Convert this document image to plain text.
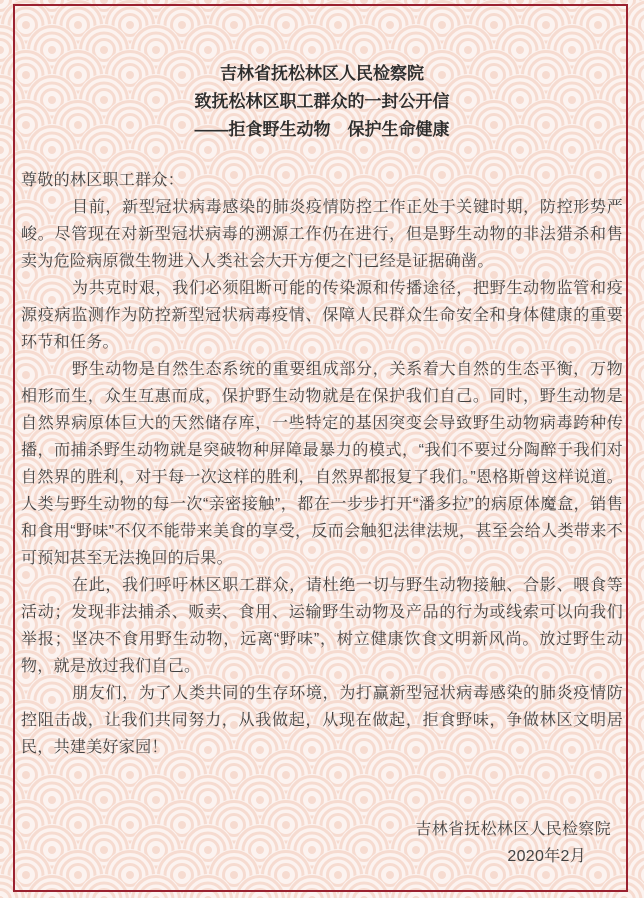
吉林省抚松林区人民检察院
致抚松林区职工群众的一封公开信
——拒食野生动物　保护生命健康

尊敬的林区职工群众：

目前，新型冠状病毒感染的肺炎疫情防控工作正处于关键时期，防控形势严峻。尽管现在对新型冠状病毒的溯源工作仍在进行，但是野生动物的非法猎杀和售卖为危险病原微生物进入人类社会大开方便之门已经是证据确凿。

为共克时艰，我们必须阻断可能的传染源和传播途径，把野生动物监管和疫源疫病监测作为防控新型冠状病毒疫情、保障人民群众生命安全和身体健康的重要环节和任务。

野生动物是自然生态系统的重要组成部分，关系着大自然的生态平衡，万物相形而生，众生互惠而成，保护野生动物就是在保护我们自己。同时，野生动物是自然界病原体巨大的天然储存库，一些特定的基因突变会导致野生动物病毒跨种传播，而捕杀野生动物就是突破物种屏障最暴力的模式，“我们不要过分陶醉于我们对自然界的胜利，对于每一次这样的胜利，自然界都报复了我们。”恩格斯曾这样说道。人类与野生动物的每一次“亲密接触”，都在一步步打开“潘多拉”的病原体魔盒，销售和食用“野味”不仅不能带来美食的享受，反而会触犯法律法规，甚至会给人类带来不可预知甚至无法挽回的后果。

在此，我们呼吁林区职工群众，请杜绝一切与野生动物接触、合影、喂食等活动；发现非法捕杀、贩卖、食用、运输野生动物及产品的行为或线索可以向我们举报；坚决不食用野生动物，远离“野味”，树立健康饮食文明新风尚。放过野生动物，就是放过我们自己。

朋友们，为了人类共同的生存环境，为打赢新型冠状病毒感染的肺炎疫情防控阻击战，让我们共同努力，从我做起，从现在做起，拒食野味，争做林区文明居民，共建美好家园！

吉林省抚松林区人民检察院
2020年2月
